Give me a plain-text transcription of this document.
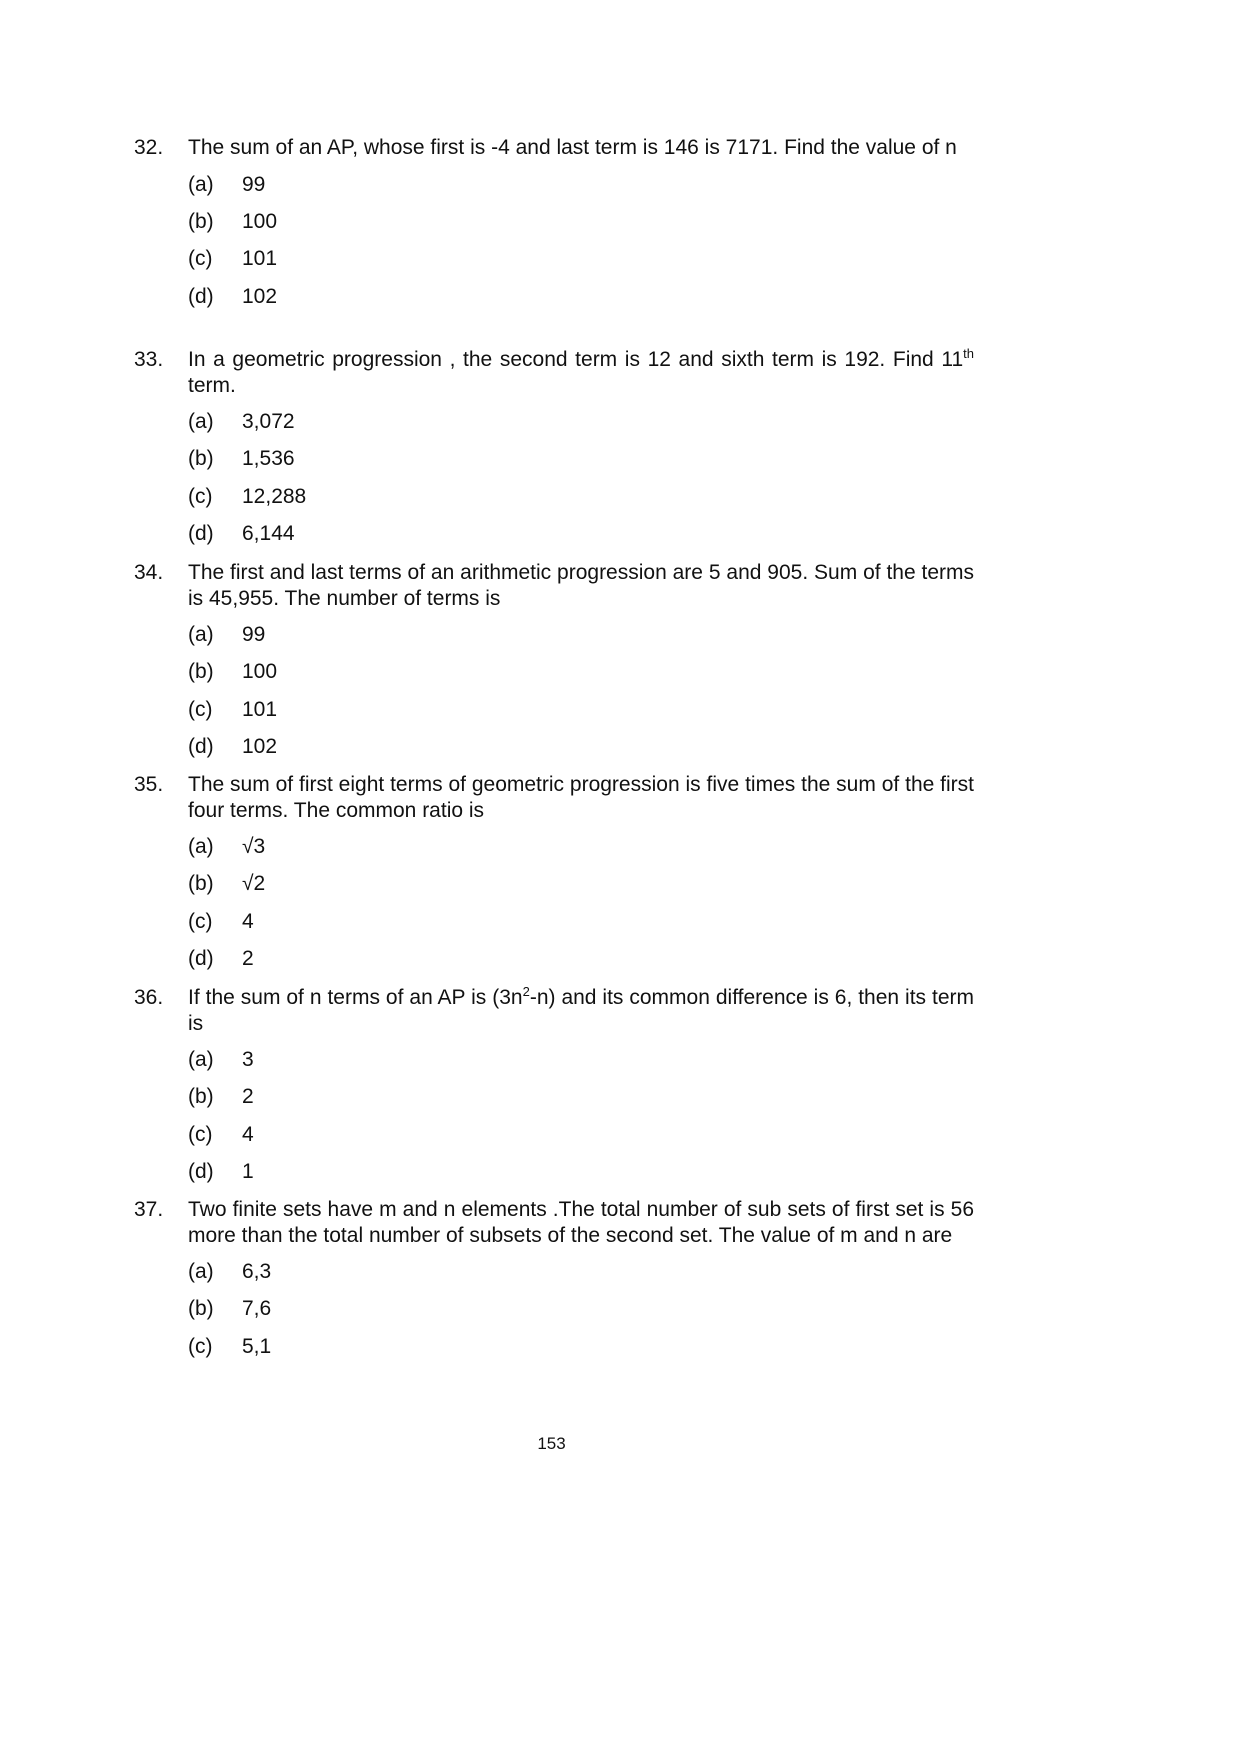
32. The sum of an AP, whose first is -4 and last term is 146 is 7171. Find the value of n
(a)	99
(b)	100
(c)	101
(d)	102
33. In a geometric progression , the second term is 12 and sixth term is 192. Find 11th term.
(a)	3,072
(b)	1,536
(c)	12,288
(d)	6,144
34. The first and last terms of an arithmetic progression are 5 and 905. Sum of the terms is 45,955. The number of terms is
(a)	99
(b)	100
(c)	101
(d)	102
35. The sum of first eight terms of geometric progression is five times the sum of the first four terms. The common ratio is
(a)	√3
(b)	√2
(c)	4
(d)	2
36. If the sum of n terms of an AP is $(3n^2-n)$ and its common difference is 6, then its term is
(a)	3
(b)	2
(c)	4
(d)	1
37. Two finite sets have m and n elements .The total number of sub sets of first set is 56 more than the total number of subsets of the second set. The value of m and n are
(a)	6,3
(b)	7,6
(c)	5,1
153
